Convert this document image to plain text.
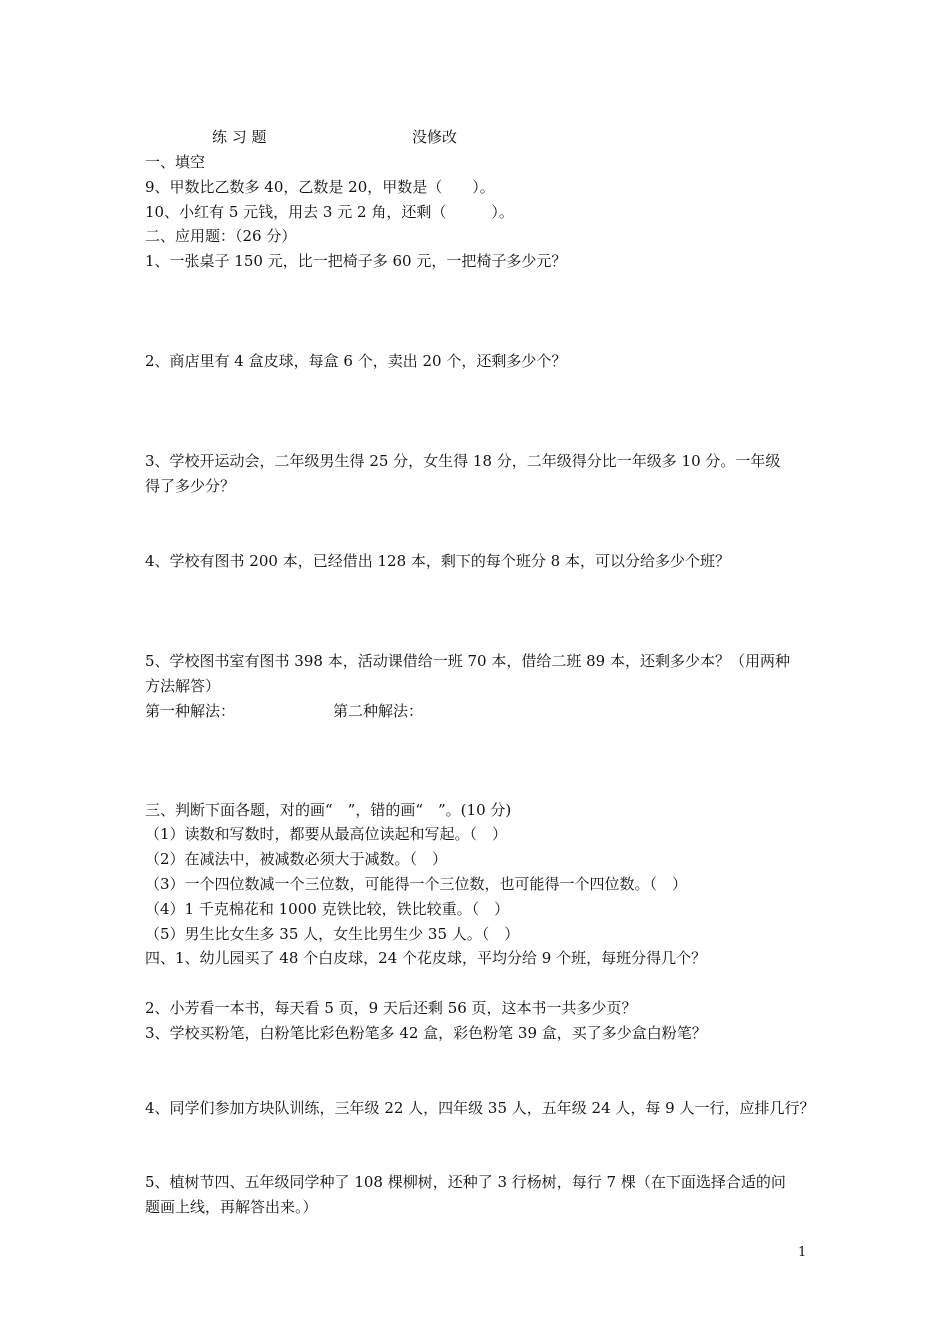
练 习 题	没修改
一、填空
9、甲数比乙数多 40，乙数是 20，甲数是（　　）。
10、小红有 5 元钱，用去 3 元 2 角，还剩（　　　）。
二、应用题：（26 分）
1、一张桌子 150 元，比一把椅子多 60 元，一把椅子多少元？
2、商店里有 4 盒皮球，每盒 6 个，卖出 20 个，还剩多少个？
3、学校开运动会，二年级男生得 25 分，女生得 18 分，二年级得分比一年级多 10 分。一年级
得了多少分？
4、学校有图书 200 本，已经借出 128 本，剩下的每个班分 8 本，可以分给多少个班？
5、学校图书室有图书 398 本，活动课借给一班 70 本，借给二班 89 本，还剩多少本？（用两种
方法解答）
第一种解法：	第二种解法：
三、判断下面各题，对的画“　”，错的画“　”。(10 分)
（1）读数和写数时，都要从最高位读起和写起。（　）
（2）在减法中，被减数必须大于减数。（　）
（3）一个四位数减一个三位数，可能得一个三位数，也可能得一个四位数。（　）
（4）1 千克棉花和 1000 克铁比较，铁比较重。（　）
（5）男生比女生多 35 人，女生比男生少 35 人。（　）
四、1、幼儿园买了 48 个白皮球，24 个花皮球，平均分给 9 个班，每班分得几个？
2、小芳看一本书，每天看 5 页，9 天后还剩 56 页，这本书一共多少页？
3、学校买粉笔，白粉笔比彩色粉笔多 42 盒，彩色粉笔 39 盒，买了多少盒白粉笔？
4、同学们参加方块队训练，三年级 22 人，四年级 35 人，五年级 24 人，每 9 人一行，应排几行？
5、植树节四、五年级同学种了 108 棵柳树，还种了 3 行杨树，每行 7 棵（在下面选择合适的问
题画上线，再解答出来。）
1
